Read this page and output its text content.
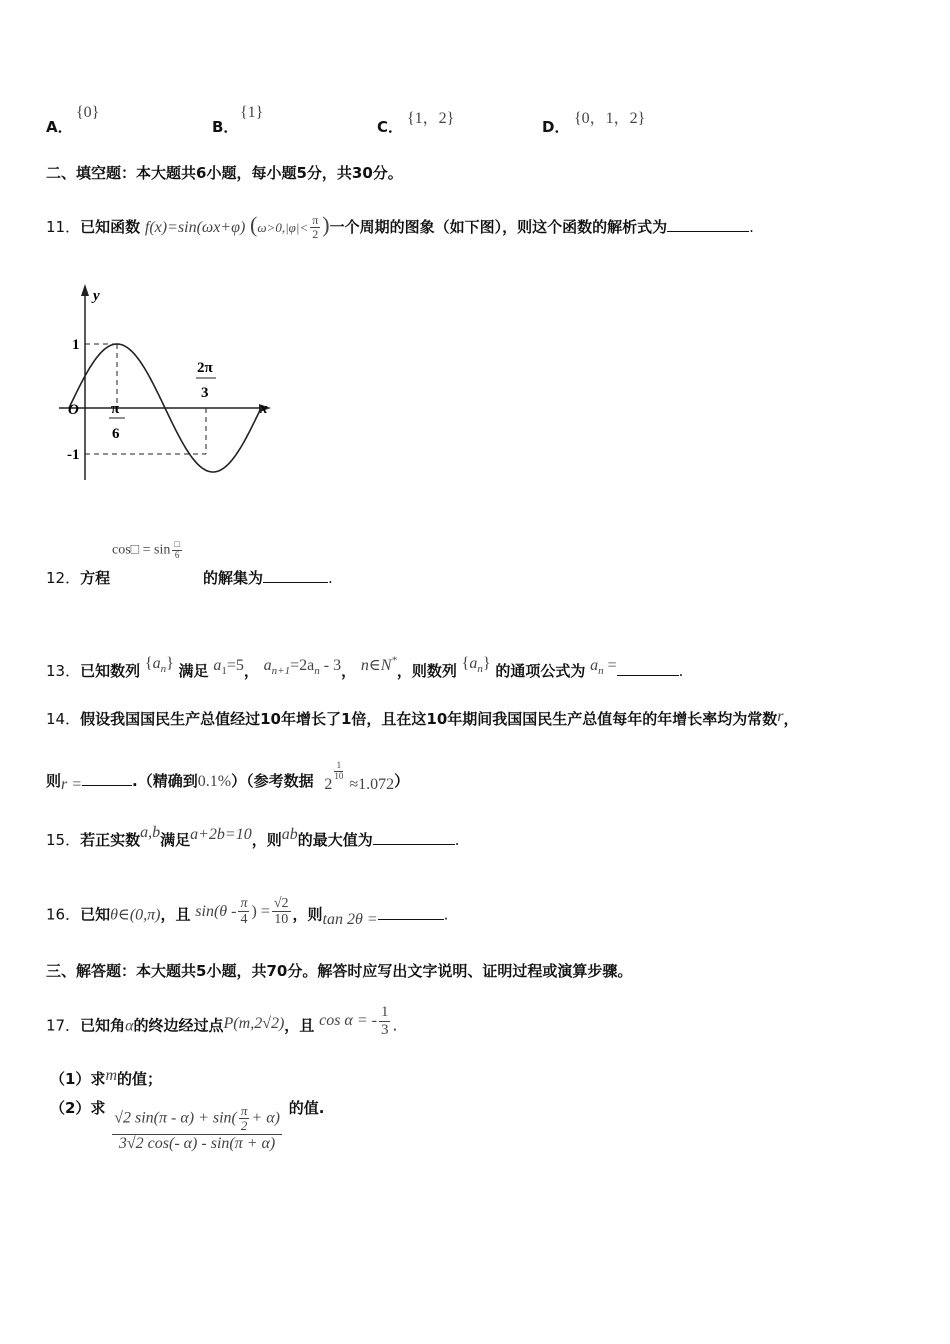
A．
{0}
B．
{1}
C． {1，2}	D． {0，1，2}
二、填空题：本大题共6小题，每小题5分，共30分。
11．已知函数 f(x)=sin(ωx+φ) ($\omega>0,|\varphi|< \frac{\pi}{2}$ )一个周期的图象（如下图），则这个函数的解析式为	.
y
x
O
1
-1
π
6
2π
3
cos□ = $\sin \frac{□}{6}$
12．方程	的解集为	.
13．已知数列 $\{a_n\}$ 满足 $a_1=5$， $a_{n+1}=2a_n - 3$， n∈N*，则数列 $\{a_n\}$ 的通项公式为 $a_n$ =	.
14．假设我国国民生产总值经过10年增长了1倍，且在这10年期间我国国民生产总值每年的年增长率均为常数r，
则r =	.（精确到0.1%）（参考数据 2
$\frac{1}{10}$
≈1.072）
15．若正实数a,b满足a+2b=10，则ab的最大值为	.
16．已知θ∈(0,π)，且 $\sin(\theta - \frac{\pi}{4}$ ) = $\frac{√2}{10}$ ，则tan 2θ =	.
三、解答题：本大题共5小题，共70分。解答时应写出文字说明、证明过程或演算步骤。
17．已知角α的终边经过点P(m,2√2)，且 cos α = - $\frac{1}{3}$ .
（1）求m的值；
（2）求 $\frac{√2 \sin(\pi - \alpha) + \sin( \frac{\pi}{2} + \alpha)}{3√2 \cos(- \alpha) - \sin(\pi + \alpha)}$ 的值.
